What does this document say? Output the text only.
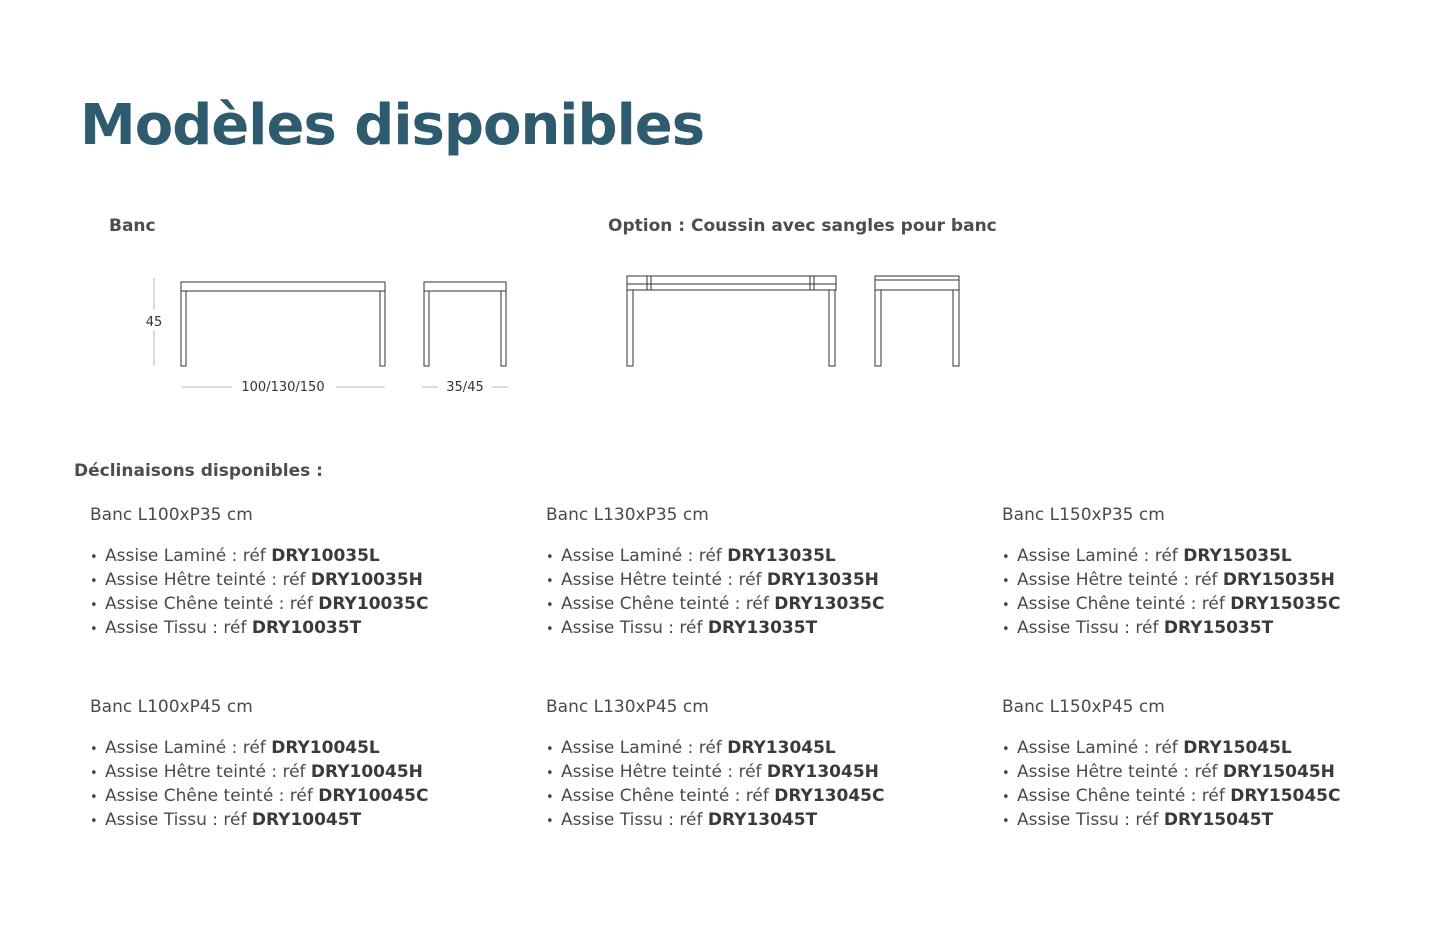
Modèles disponibles
Banc	Option : Coussin avec sangles pour banc
45
100/130/150	35/45
Déclinaisons disponibles :
Banc L100xP35 cm
• Assise Laminé : réf DRY10035L
• Assise Hêtre teinté : réf DRY10035H
• Assise Chêne teinté : réf DRY10035C
• Assise Tissu : réf DRY10035T
Banc L130xP35 cm
• Assise Laminé : réf DRY13035L
• Assise Hêtre teinté : réf DRY13035H
• Assise Chêne teinté : réf DRY13035C
• Assise Tissu : réf DRY13035T
Banc L150xP35 cm
• Assise Laminé : réf DRY15035L
• Assise Hêtre teinté : réf DRY15035H
• Assise Chêne teinté : réf DRY15035C
• Assise Tissu : réf DRY15035T
Banc L100xP45 cm
• Assise Laminé : réf DRY10045L
• Assise Hêtre teinté : réf DRY10045H
• Assise Chêne teinté : réf DRY10045C
• Assise Tissu : réf DRY10045T
Banc L130xP45 cm
• Assise Laminé : réf DRY13045L
• Assise Hêtre teinté : réf DRY13045H
• Assise Chêne teinté : réf DRY13045C
• Assise Tissu : réf DRY13045T
Banc L150xP45 cm
• Assise Laminé : réf DRY15045L
• Assise Hêtre teinté : réf DRY15045H
• Assise Chêne teinté : réf DRY15045C
• Assise Tissu : réf DRY15045T
